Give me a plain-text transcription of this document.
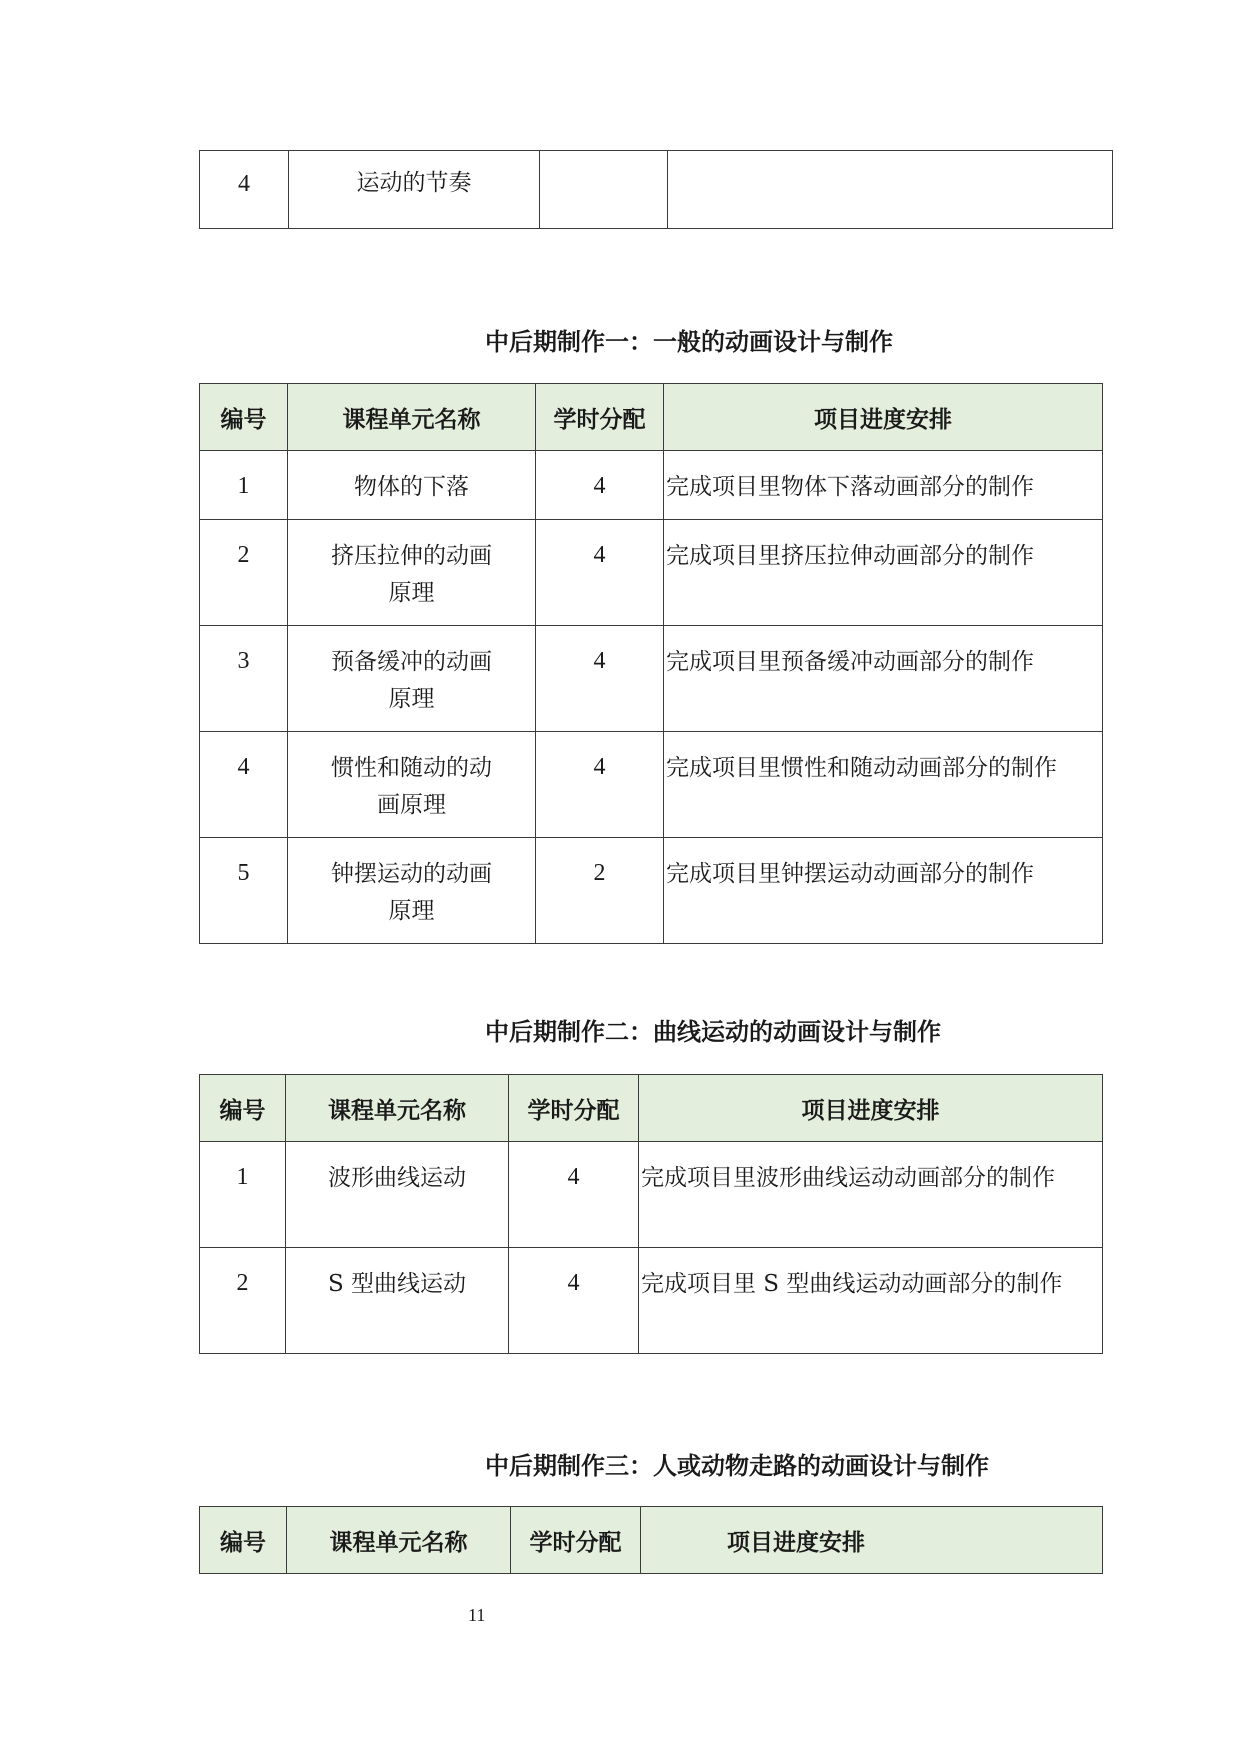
4	运动的节奏		
中后期制作一：一般的动画设计与制作
编号	课程单元名称	学时分配	项目进度安排
1	物体的下落	4	完成项目里物体下落动画部分的制作
2	挤压拉伸的动画原理	4	完成项目里挤压拉伸动画部分的制作
3	预备缓冲的动画原理	4	完成项目里预备缓冲动画部分的制作
4	惯性和随动的动画原理	4	完成项目里惯性和随动动画部分的制作
5	钟摆运动的动画原理	2	完成项目里钟摆运动动画部分的制作
中后期制作二：曲线运动的动画设计与制作
编号	课程单元名称	学时分配	项目进度安排
1	波形曲线运动	4	完成项目里波形曲线运动动画部分的制作
2	S 型曲线运动	4	完成项目里 S 型曲线运动动画部分的制作
中后期制作三：人或动物走路的动画设计与制作
编号	课程单元名称	学时分配	项目进度安排
11
